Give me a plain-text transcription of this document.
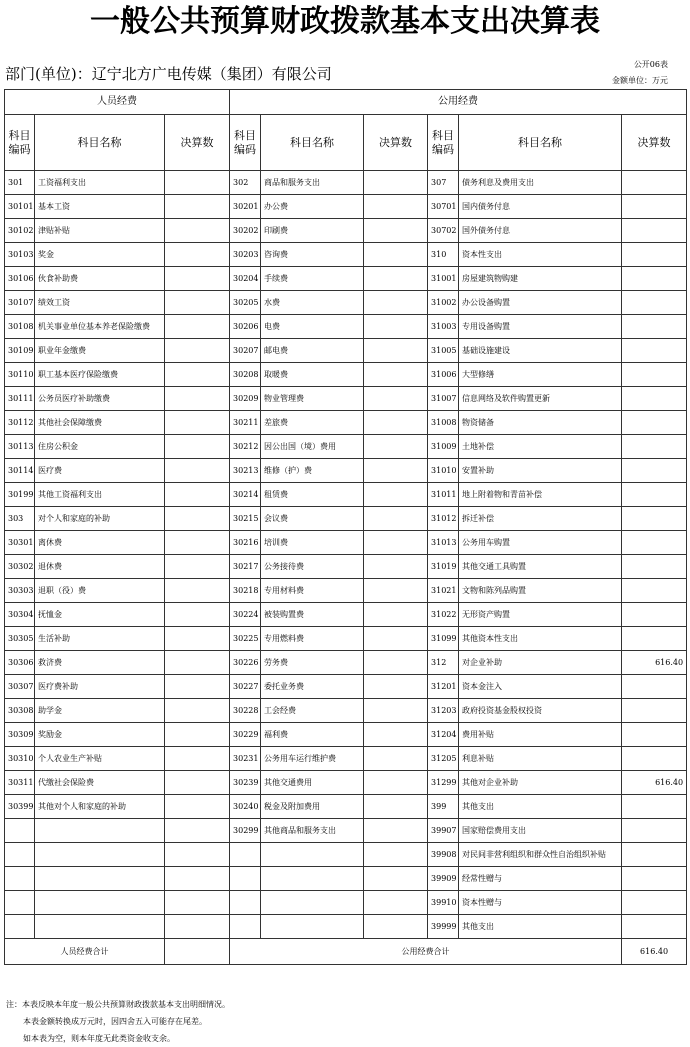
一般公共预算财政拨款基本支出决算表
部门(单位)：辽宁北方广电传媒（集团）有限公司
公开06表
金额单位：万元
人员经费			公用经费					
科目编码	科目名称	决算数	科目编码	科目名称	决算数	科目编码	科目名称	决算数
301	工资福利支出		302	商品和服务支出		307	债务利息及费用支出	
30101	基本工资		30201	办公费		30701	国内债务付息	
30102	津贴补贴		30202	印刷费		30702	国外债务付息	
30103	奖金		30203	咨询费		310	资本性支出	
30106	伙食补助费		30204	手续费		31001	房屋建筑物购建	
30107	绩效工资		30205	水费		31002	办公设备购置	
30108	机关事业单位基本养老保险缴费		30206	电费		31003	专用设备购置	
30109	职业年金缴费		30207	邮电费		31005	基础设施建设	
30110	职工基本医疗保险缴费		30208	取暖费		31006	大型修缮	
30111	公务员医疗补助缴费		30209	物业管理费		31007	信息网络及软件购置更新	
30112	其他社会保障缴费		30211	差旅费		31008	物资储备	
30113	住房公积金		30212	因公出国（境）费用		31009	土地补偿	
30114	医疗费		30213	维修（护）费		31010	安置补助	
30199	其他工资福利支出		30214	租赁费		31011	地上附着物和青苗补偿	
303	对个人和家庭的补助		30215	会议费		31012	拆迁补偿	
30301	离休费		30216	培训费		31013	公务用车购置	
30302	退休费		30217	公务接待费		31019	其他交通工具购置	
30303	退职（役）费		30218	专用材料费		31021	文物和陈列品购置	
30304	抚恤金		30224	被装购置费		31022	无形资产购置	
30305	生活补助		30225	专用燃料费		31099	其他资本性支出	
30306	救济费		30226	劳务费		312	对企业补助	616.40
30307	医疗费补助		30227	委托业务费		31201	资本金注入	
30308	助学金		30228	工会经费		31203	政府投资基金股权投资	
30309	奖励金		30229	福利费		31204	费用补贴	
30310	个人农业生产补贴		30231	公务用车运行维护费		31205	利息补贴	
30311	代缴社会保险费		30239	其他交通费用		31299	其他对企业补助	616.40
30399	其他对个人和家庭的补助		30240	税金及附加费用		399	其他支出	
			30299	其他商品和服务支出		39907	国家赔偿费用支出	
						39908	对民间非营利组织和群众性自治组织补贴	
						39909	经常性赠与	
						39910	资本性赠与	
						39999	其他支出	
人员经费合计			公用经费合计					616.40
注：本表反映本年度一般公共预算财政拨款基本支出明细情况。
本表金额转换成万元时，因四舍五入可能存在尾差。
如本表为空，则本年度无此类资金收支余。
